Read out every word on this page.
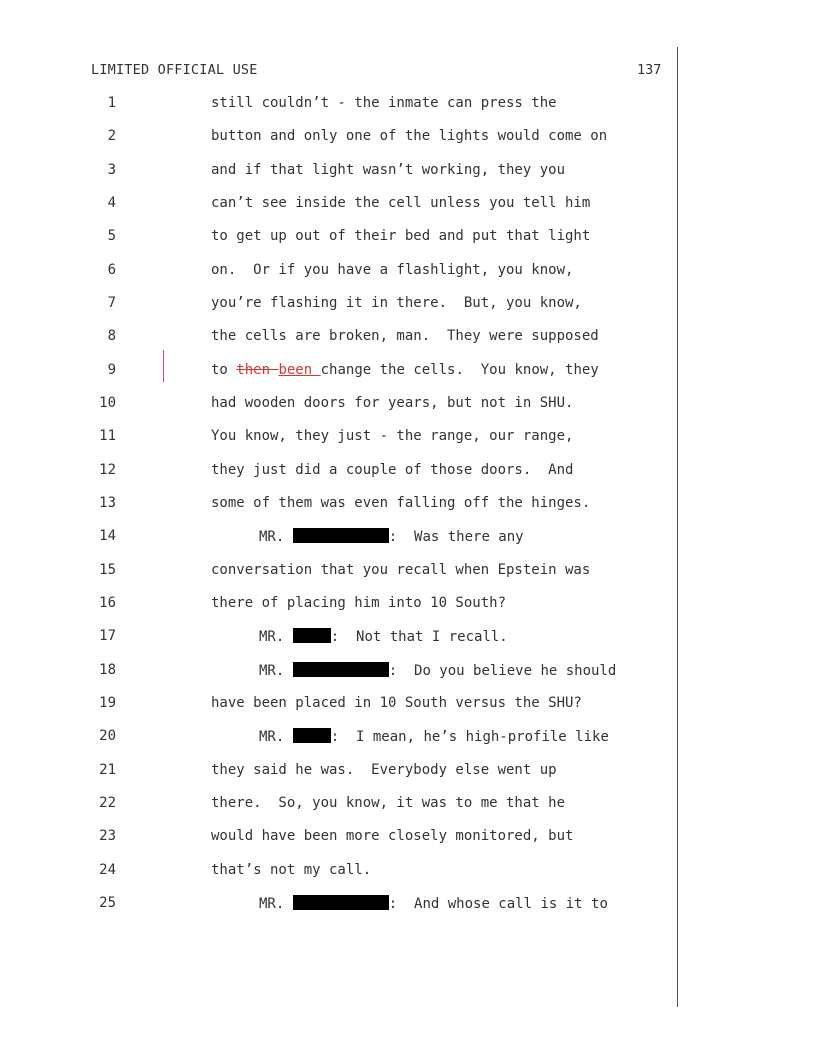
LIMITED OFFICIAL USE	137
1	still couldn’t - the inmate can press the
2	button and only one of the lights would come on
3	and if that light wasn’t working, they you
4	can’t see inside the cell unless you tell him
5	to get up out of their bed and put that light
6	on.  Or if you have a flashlight, you know,
7	you’re flashing it in there.  But, you know,
8	the cells are broken, man.  They were supposed
9	to then been change the cells.  You know, they
10	had wooden doors for years, but not in SHU.
11	You know, they just - the range, our range,
12	they just did a couple of those doors.  And
13	some of them was even falling off the hinges.
14	MR.	:  Was there any
15	conversation that you recall when Epstein was
16	there of placing him into 10 South?
17	MR.	:  Not that I recall.
18	MR.	:  Do you believe he should
19	have been placed in 10 South versus the SHU?
20	MR.	:  I mean, he’s high-profile like
21	they said he was.  Everybody else went up
22	there.  So, you know, it was to me that he
23	would have been more closely monitored, but
24	that’s not my call.
25	MR.	:  And whose call is it to
